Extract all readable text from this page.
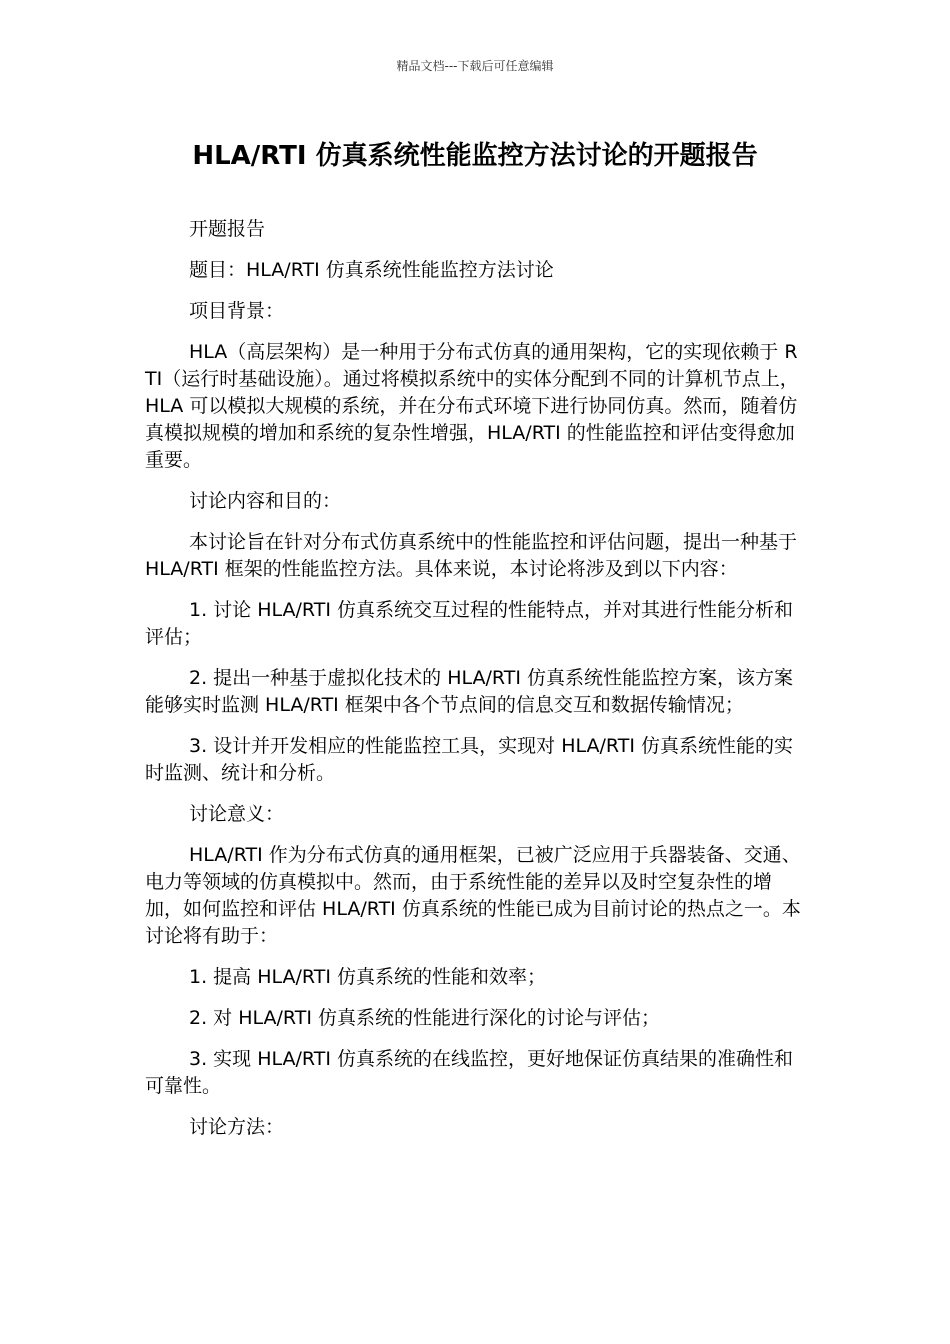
精品文档---下载后可任意编辑
HLA/RTI 仿真系统性能监控方法讨论的开题报告

开题报告

题目：HLA/RTI 仿真系统性能监控方法讨论

项目背景：

HLA（高层架构）是一种用于分布式仿真的通用架构，它的实现依赖于 RTI（运行时基础设施）。通过将模拟系统中的实体分配到不同的计算机节点上，HLA 可以模拟大规模的系统，并在分布式环境下进行协同仿真。然而，随着仿真模拟规模的增加和系统的复杂性增强，HLA/RTI 的性能监控和评估变得愈加重要。

讨论内容和目的：

本讨论旨在针对分布式仿真系统中的性能监控和评估问题，提出一种基于 HLA/RTI 框架的性能监控方法。具体来说，本讨论将涉及到以下内容：

1. 讨论 HLA/RTI 仿真系统交互过程的性能特点，并对其进行性能分析和评估；

2. 提出一种基于虚拟化技术的 HLA/RTI 仿真系统性能监控方案，该方案能够实时监测 HLA/RTI 框架中各个节点间的信息交互和数据传输情况；

3. 设计并开发相应的性能监控工具，实现对 HLA/RTI 仿真系统性能的实时监测、统计和分析。

讨论意义：

HLA/RTI 作为分布式仿真的通用框架，已被广泛应用于兵器装备、交通、电力等领域的仿真模拟中。然而，由于系统性能的差异以及时空复杂性的增加，如何监控和评估 HLA/RTI 仿真系统的性能已成为目前讨论的热点之一。本讨论将有助于：

1. 提高 HLA/RTI 仿真系统的性能和效率；

2. 对 HLA/RTI 仿真系统的性能进行深化的讨论与评估；

3. 实现 HLA/RTI 仿真系统的在线监控，更好地保证仿真结果的准确性和可靠性。

讨论方法：
